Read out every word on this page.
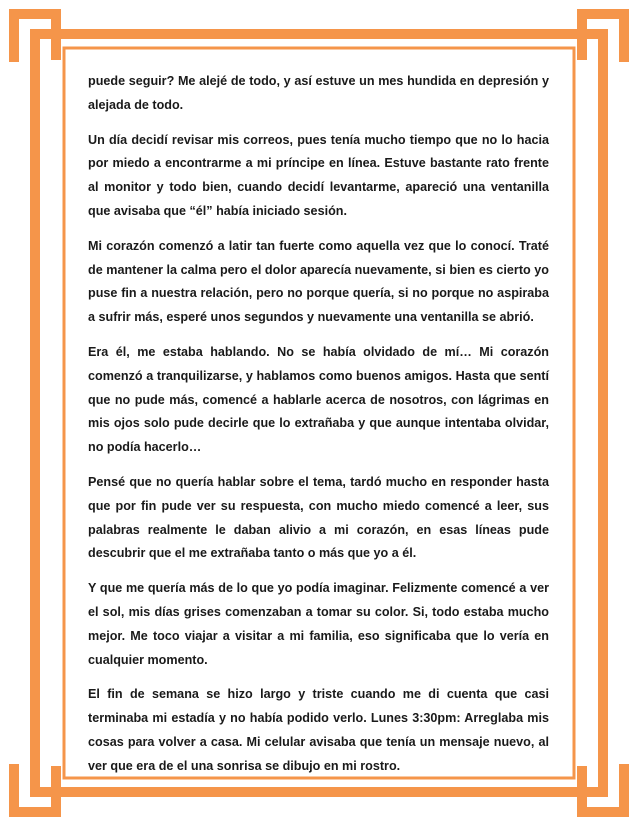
puede seguir? Me alejé de todo, y así estuve un mes hundida en depresión y alejada de todo.

Un día decidí revisar mis correos, pues tenía mucho tiempo que no lo hacia por miedo a encontrarme a mi príncipe en línea. Estuve bastante rato frente al monitor y todo bien, cuando decidí levantarme, apareció una ventanilla que avisaba que “él” había iniciado sesión.

Mi corazón comenzó a latir tan fuerte como aquella vez que lo conocí. Traté de mantener la calma pero el dolor aparecía nuevamente, si bien es cierto yo puse fin a nuestra relación, pero no porque quería, si no porque no aspiraba a sufrir más, esperé unos segundos y nuevamente una ventanilla se abrió.

Era él, me estaba hablando. No se había olvidado de mí… Mi corazón comenzó a tranquilizarse, y hablamos como buenos amigos. Hasta que sentí que no pude más, comencé a hablarle acerca de nosotros, con lágrimas en mis ojos solo pude decirle que lo extrañaba y que aunque intentaba olvidar, no podía hacerlo…

Pensé que no quería hablar sobre el tema, tardó mucho en responder hasta que por fin pude ver su respuesta, con mucho miedo comencé a leer, sus palabras realmente le daban alivio a mi corazón, en esas líneas pude descubrir que el me extrañaba tanto o más que yo a él.

Y que me quería más de lo que yo podía imaginar. Felizmente comencé a ver el sol, mis días grises comenzaban a tomar su color. Si, todo estaba mucho mejor. Me toco viajar a visitar a mi familia, eso significaba que lo vería en cualquier momento.

El fin de semana se hizo largo y triste cuando me di cuenta que casi terminaba mi estadía y no había podido verlo. Lunes 3:30pm: Arreglaba mis cosas para volver a casa. Mi celular avisaba que tenía un mensaje nuevo, al ver que era de el una sonrisa se dibujo en mi rostro.
